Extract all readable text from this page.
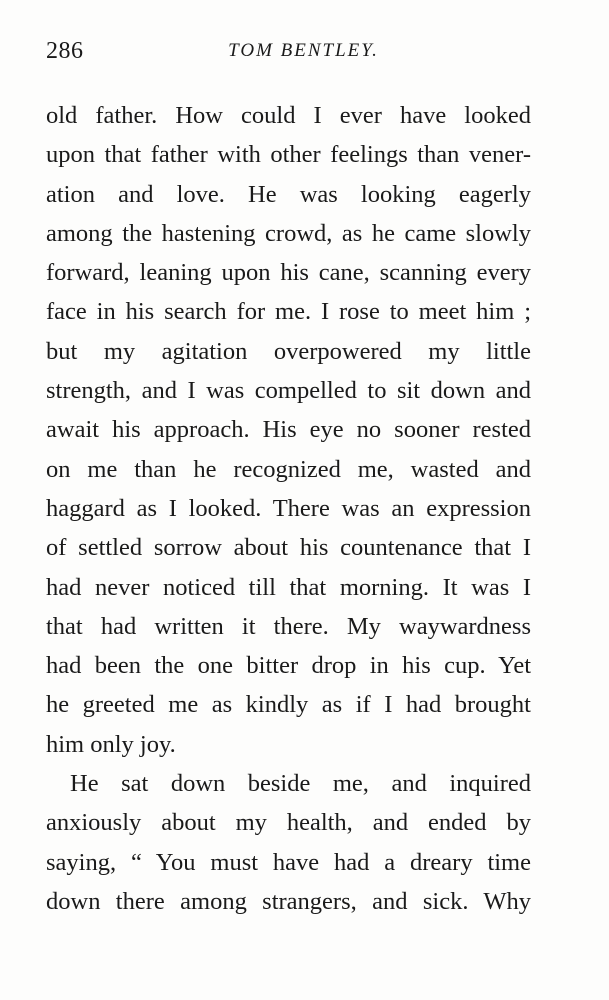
286	TOM BENTLEY.
old father. How could I ever have looked
upon that father with other feelings than vener-
ation and love. He was looking eagerly
among the hastening crowd, as he came slowly
forward, leaning upon his cane, scanning every
face in his search for me. I rose to meet him ;
but my agitation overpowered my little
strength, and I was compelled to sit down and
await his approach. His eye no sooner rested
on me than he recognized me, wasted and
haggard as I looked. There was an expression
of settled sorrow about his countenance that I
had never noticed till that morning. It was I
that had written it there. My waywardness
had been the one bitter drop in his cup. Yet
he greeted me as kindly as if I had brought
him only joy.
He sat down beside me, and inquired
anxiously about my health, and ended by
saying, “ You must have had a dreary time
down there among strangers, and sick. Why
